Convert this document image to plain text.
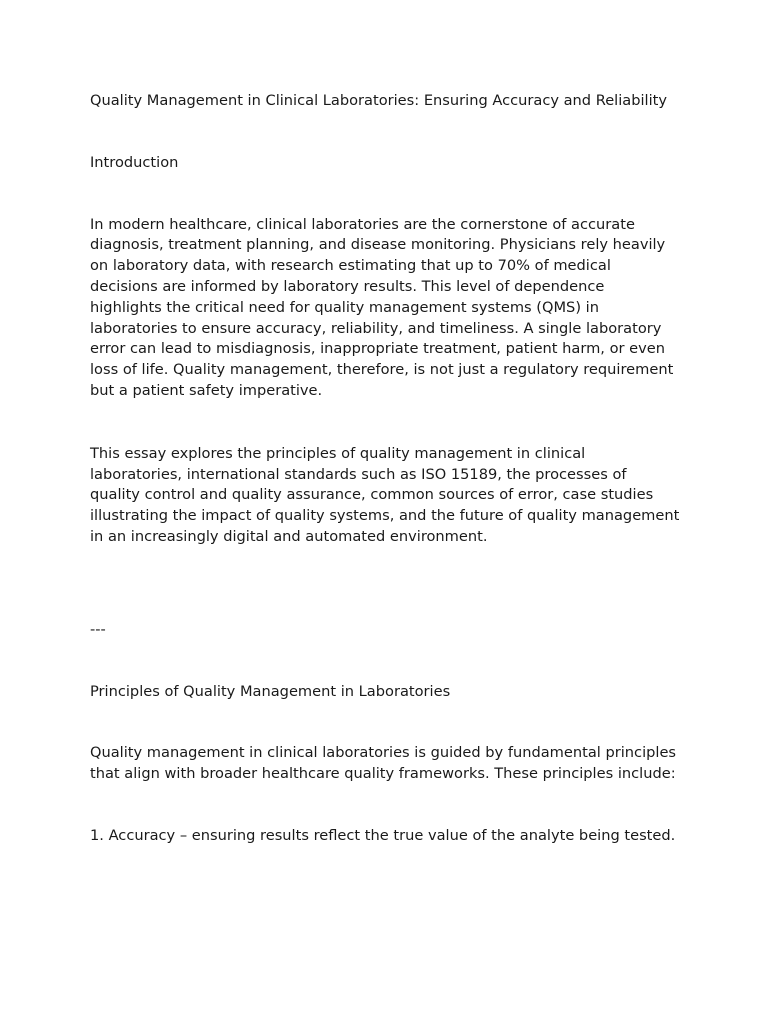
Quality Management in Clinical Laboratories: Ensuring Accuracy and Reliability

Introduction

In modern healthcare, clinical laboratories are the cornerstone of accurate diagnosis, treatment planning, and disease monitoring. Physicians rely heavily on laboratory data, with research estimating that up to 70% of medical decisions are informed by laboratory results. This level of dependence highlights the critical need for quality management systems (QMS) in laboratories to ensure accuracy, reliability, and timeliness. A single laboratory error can lead to misdiagnosis, inappropriate treatment, patient harm, or even loss of life. Quality management, therefore, is not just a regulatory requirement but a patient safety imperative.

This essay explores the principles of quality management in clinical laboratories, international standards such as ISO 15189, the processes of quality control and quality assurance, common sources of error, case studies illustrating the impact of quality systems, and the future of quality management in an increasingly digital and automated environment.

---

Principles of Quality Management in Laboratories

Quality management in clinical laboratories is guided by fundamental principles that align with broader healthcare quality frameworks. These principles include:

1. Accuracy – ensuring results reflect the true value of the analyte being tested.
